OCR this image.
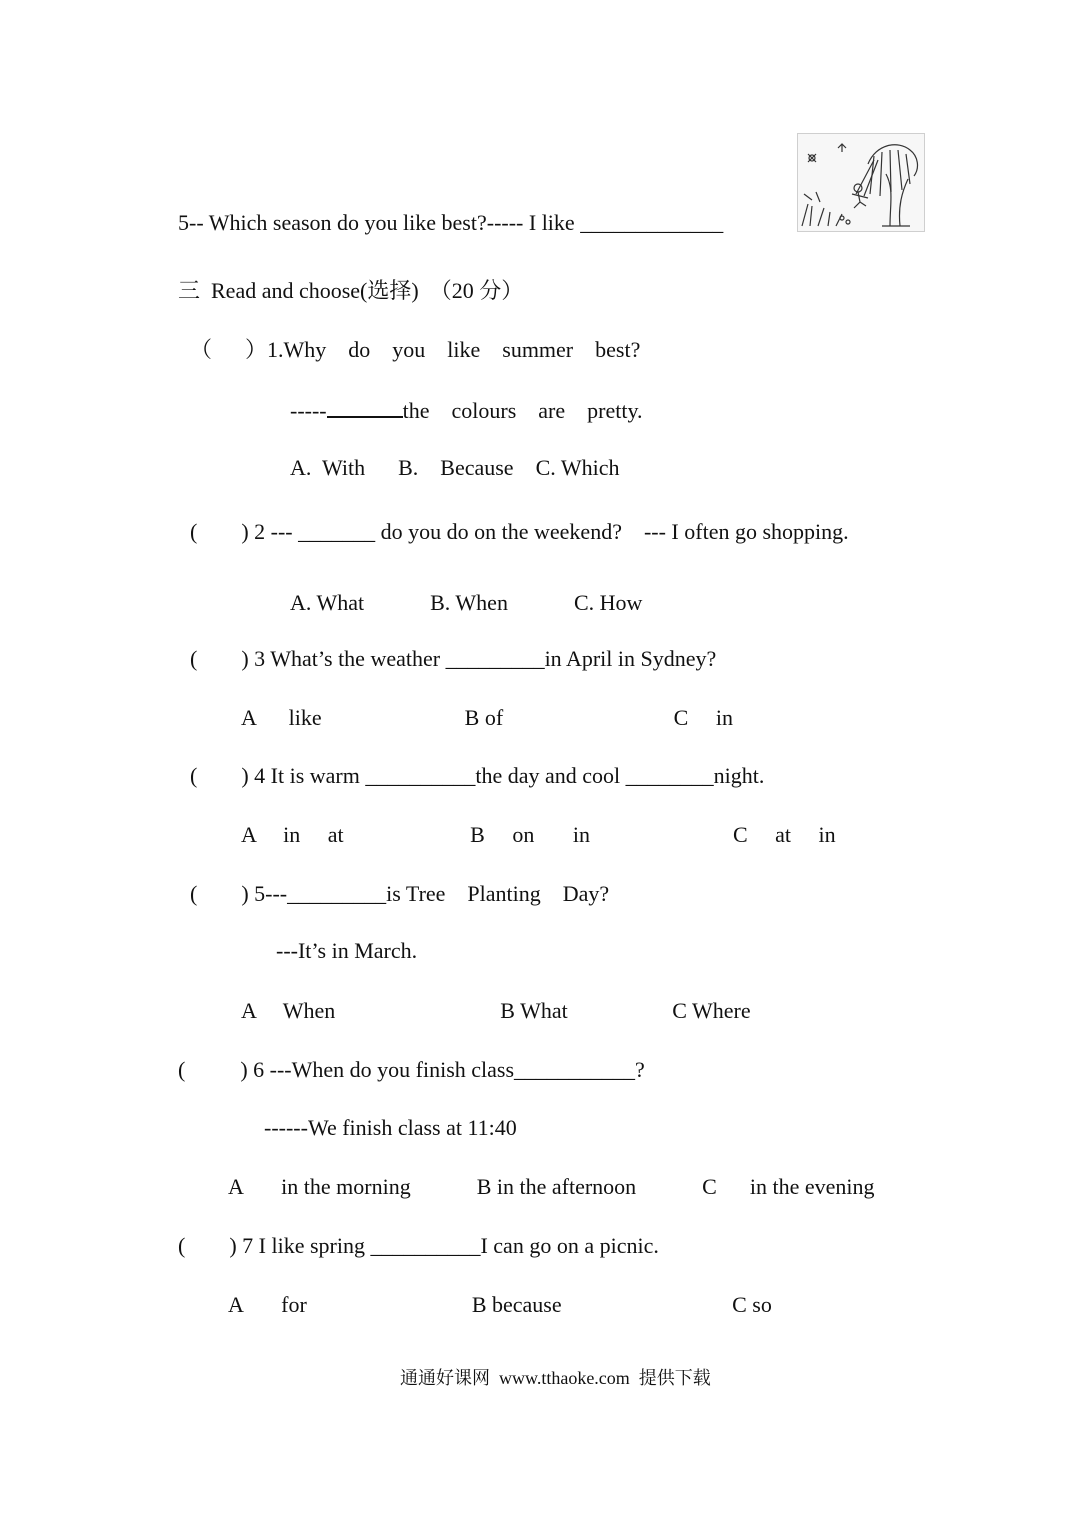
5-- Which season do you like best?----- I like _____________
三  Read and choose(选择)  （20 分）
（      ）1.Why    do    you    like    summer    best?
-----	the    colours    are    pretty.
A.  With      B.    Because    C. Which
(        ) 2 --- _______ do you do on the weekend?    --- I often go shopping.
A. What            B. When            C. How
(        ) 3 What’s the weather _________in April in Sydney?
A      like                          B of                               C     in
(        ) 4 It is warm __________the day and cool ________night.
A     in     at                       B     on       in                          C     at     in
(        ) 5---_________is Tree    Planting    Day?
---It’s in March.
A     When                              B What                   C Where
(          ) 6 ---When do you finish class___________?
------We finish class at 11:40
A       in the morning            B in the afternoon            C      in the evening
(        ) 7 I like spring __________I can go on a picnic.
A       for                              B because                               C so
通通好课网  www.tthaoke.com  提供下载
